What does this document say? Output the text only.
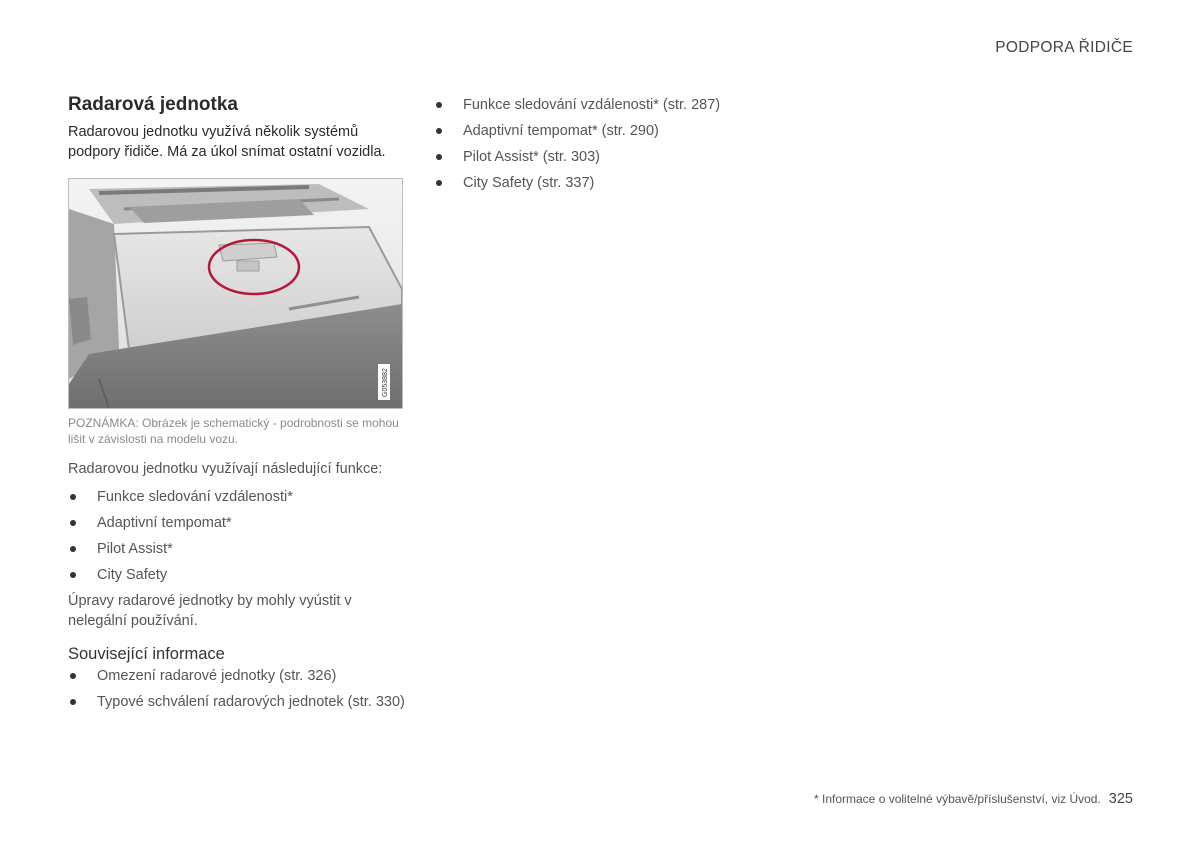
PODPORA ŘIDIČE
Radarová jednotka

Radarovou jednotku využívá několik systémů podpory řidiče. Má za úkol snímat ostatní vozidla.

G053882

POZNÁMKA: Obrázek je schematický - podrobnosti se mohou lišit v závislosti na modelu vozu.

Radarovou jednotku využívají následující funkce:

Funkce sledování vzdálenosti*
Adaptivní tempomat*
Pilot Assist*
City Safety

Úpravy radarové jednotky by mohly vyústit v nelegální používání.

Související informace
Omezení radarové jednotky (str. 326)
Typové schválení radarových jednotek (str. 330)
Funkce sledování vzdálenosti* (str. 287)
Adaptivní tempomat* (str. 290)
Pilot Assist* (str. 303)
City Safety (str. 337)
* Informace o volitelné výbavě/příslušenství, viz Úvod. 325
